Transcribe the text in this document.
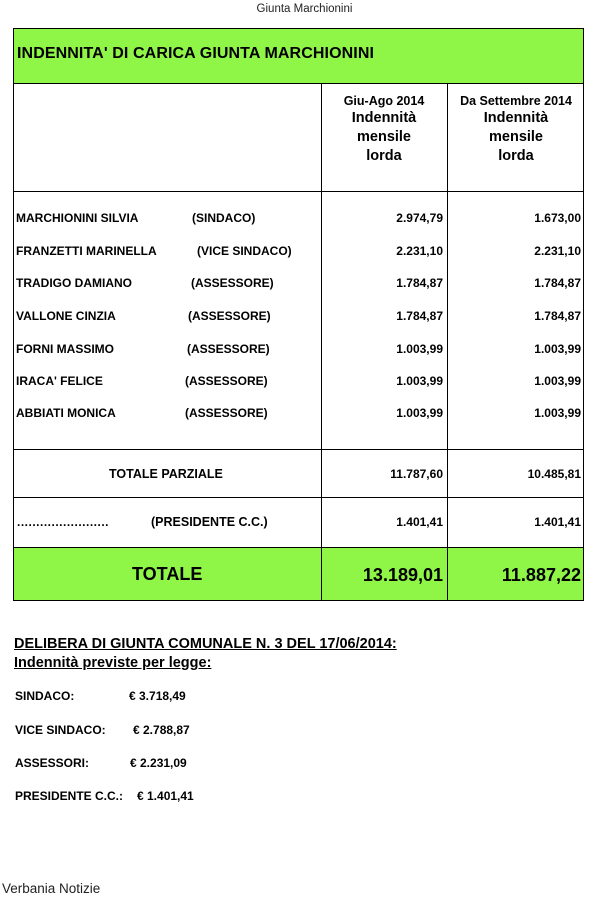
Giunta Marchionini
INDENNITA' DI CARICA GIUNTA MARCHIONINI
Giu-Ago 2014
Indennità
mensile
lorda
Da Settembre 2014
Indennità
mensile
lorda
MARCHIONINI SILVIA	(SINDACO)	2.974,79	1.673,00
FRANZETTI MARINELLA	(VICE SINDACO)	2.231,10	2.231,10
TRADIGO DAMIANO	(ASSESSORE)	1.784,87	1.784,87
VALLONE CINZIA	(ASSESSORE)	1.784,87	1.784,87
FORNI MASSIMO	(ASSESSORE)	1.003,99	1.003,99
IRACA' FELICE	(ASSESSORE)	1.003,99	1.003,99
ABBIATI MONICA	(ASSESSORE)	1.003,99	1.003,99
TOTALE PARZIALE	11.787,60	10.485,81
........................	(PRESIDENTE C.C.)	1.401,41	1.401,41
TOTALE	13.189,01	11.887,22
DELIBERA DI GIUNTA COMUNALE N. 3 DEL 17/06/2014:
Indennità previste per legge:
SINDACO:	€ 3.718,49
VICE SINDACO: € 2.788,87
ASSESSORI:	€ 2.231,09
PRESIDENTE C.C.: € 1.401,41
Verbania Notizie
